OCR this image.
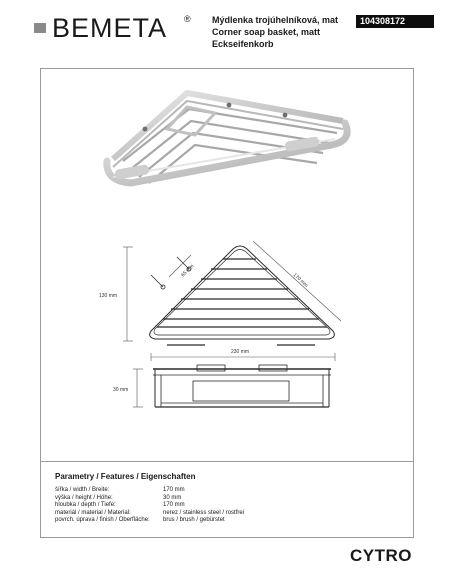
BEMETA ® Mýdlenka trojúhelníková, mat
Corner soap basket, matt
Eckseifenkorb
104308172
130 mm
230 mm
170 mm
65 mm
30 mm
Parametry / Features / Eigenschaften
šířka / width / Breite:	170 mm
výška / height / Höhe:	30 mm
hloubka / depth / Tiefe:	170 mm
materiál / material / Material:	nerez / stainless steel / rostfrei
povrch. úprava / finish / Oberfläche: brus / brush / gebürstet
CYTRO
